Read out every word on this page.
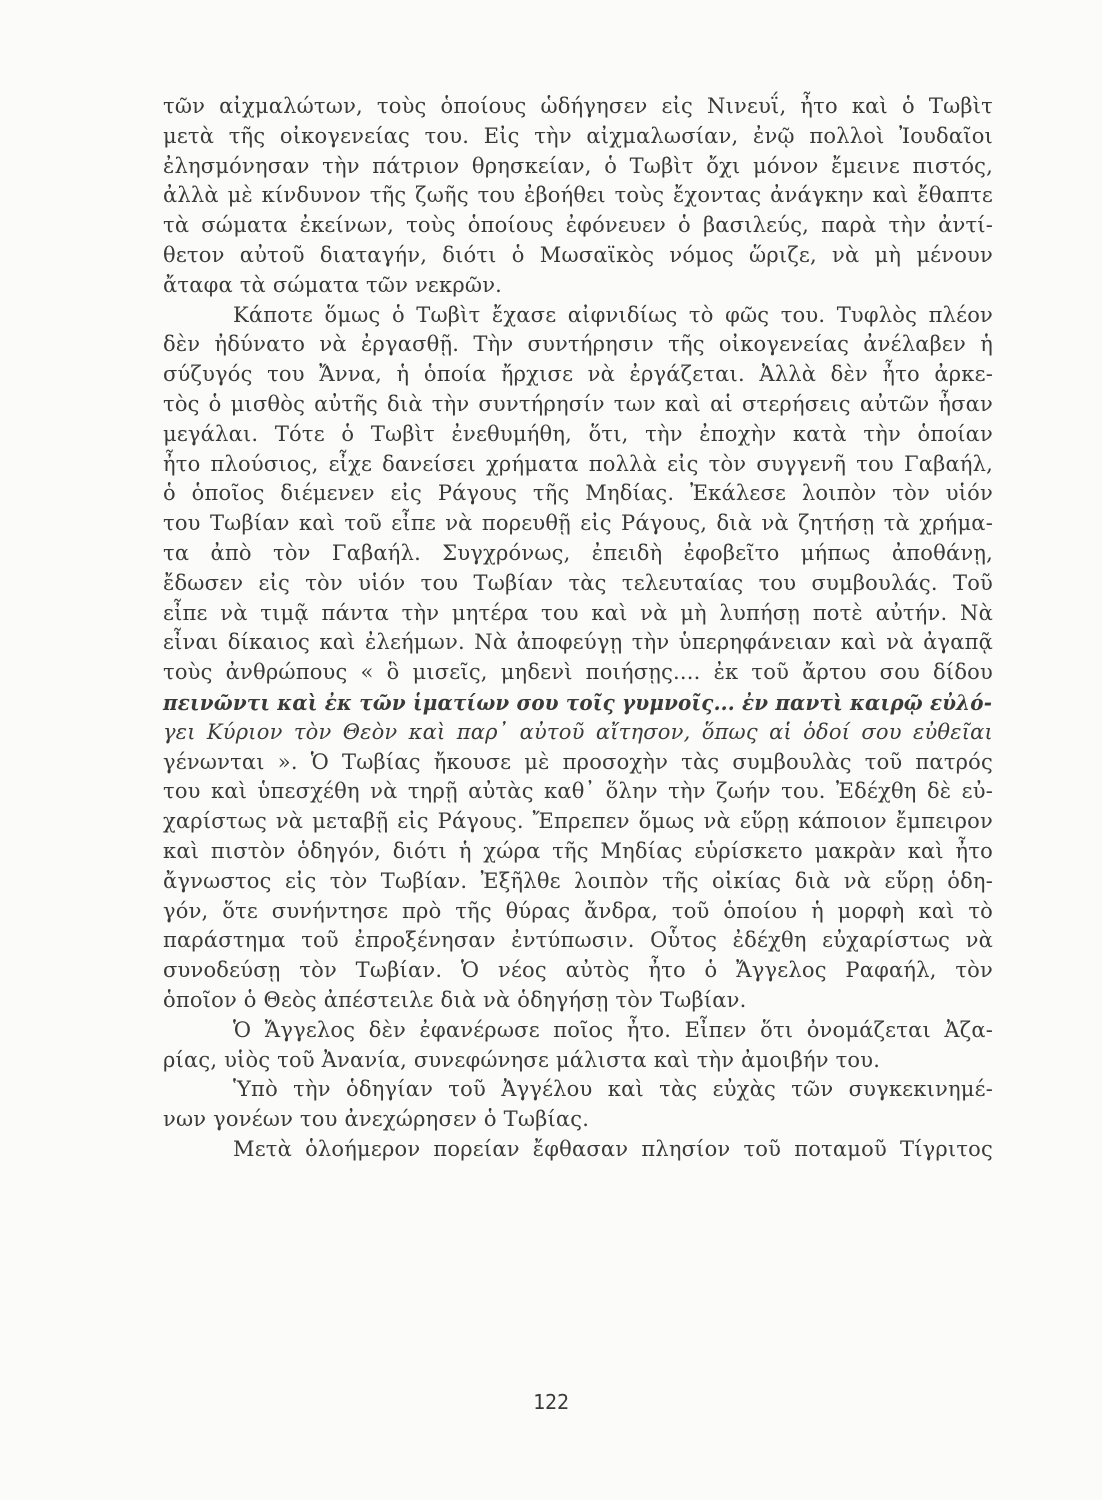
τῶν αἰχμαλώτων, τοὺς ὁποίους ὡδήγησεν εἰς Νινευΐ, ἦτο καὶ ὁ Τωβὶτ
μετὰ τῆς οἰκογενείας του. Εἰς τὴν αἰχμαλωσίαν, ἐνῷ πολλοὶ Ἰουδαῖοι
ἐλησμόνησαν τὴν πάτριον θρησκείαν, ὁ Τωβὶτ ὄχι μόνον ἔμεινε πιστός,
ἀλλὰ μὲ κίνδυνον τῆς ζωῆς του ἐβοήθει τοὺς ἔχοντας ἀνάγκην καὶ ἔθαπτε
τὰ σώματα ἐκείνων, τοὺς ὁποίους ἐφόνευεν ὁ βασιλεύς, παρὰ τὴν ἀντί-
θετον αὐτοῦ διαταγήν, διότι ὁ Μωσαϊκὸς νόμος ὥριζε, νὰ μὴ μένουν
ἄταφα τὰ σώματα τῶν νεκρῶν.
Κάποτε ὅμως ὁ Τωβὶτ ἔχασε αἰφνιδίως τὸ φῶς του. Τυφλὸς πλέον
δὲν ἠδύνατο νὰ ἐργασθῇ. Τὴν συντήρησιν τῆς οἰκογενείας ἀνέλαβεν ἡ
σύζυγός του Ἄννα, ἡ ὁποία ἤρχισε νὰ ἐργάζεται. Ἀλλὰ δὲν ἦτο ἀρκε-
τὸς ὁ μισθὸς αὐτῆς διὰ τὴν συντήρησίν των καὶ αἱ στερήσεις αὐτῶν ἦσαν
μεγάλαι. Τότε ὁ Τωβὶτ ἐνεθυμήθη, ὅτι, τὴν ἐποχὴν κατὰ τὴν ὁποίαν
ἦτο πλούσιος, εἶχε δανείσει χρήματα πολλὰ εἰς τὸν συγγενῆ του Γαβαήλ,
ὁ ὁποῖος διέμενεν εἰς Ράγους τῆς Μηδίας. Ἐκάλεσε λοιπὸν τὸν υἱόν
του Τωβίαν καὶ τοῦ εἶπε νὰ πορευθῇ εἰς Ράγους, διὰ νὰ ζητήσῃ τὰ χρήμα-
τα ἀπὸ τὸν Γαβαήλ. Συγχρόνως, ἐπειδὴ ἐφοβεῖτο μήπως ἀποθάνῃ,
ἔδωσεν εἰς τὸν υἱόν του Τωβίαν τὰς τελευταίας του συμβουλάς. Τοῦ
εἶπε νὰ τιμᾷ πάντα τὴν μητέρα του καὶ νὰ μὴ λυπήσῃ ποτὲ αὐτήν. Νὰ
εἶναι δίκαιος καὶ ἐλεήμων. Νὰ ἀποφεύγῃ τὴν ὑπερηφάνειαν καὶ νὰ ἀγαπᾷ
τοὺς ἀνθρώπους « ὃ μισεῖς, μηδενὶ ποιήσῃς.... ἐκ τοῦ ἄρτου σου δίδου
πεινῶντι καὶ ἐκ τῶν ἱματίων σου τοῖς γυμνοῖς... ἐν παντὶ καιρῷ εὐλό-
γει Κύριον τὸν Θεὸν καὶ παρ᾽ αὐτοῦ αἴτησον, ὅπως αἱ ὁδοί σου εὐθεῖαι
γένωνται ». Ὁ Τωβίας ἤκουσε μὲ προσοχὴν τὰς συμβουλὰς τοῦ πατρός
του καὶ ὑπεσχέθη νὰ τηρῇ αὐτὰς καθ᾽ ὅλην τὴν ζωήν του. Ἐδέχθη δὲ εὐ-
χαρίστως νὰ μεταβῇ εἰς Ράγους. Ἔπρεπεν ὅμως νὰ εὕρῃ κάποιον ἔμπειρον
καὶ πιστὸν ὁδηγόν, διότι ἡ χώρα τῆς Μηδίας εὑρίσκετο μακρὰν καὶ ἦτο
ἄγνωστος εἰς τὸν Τωβίαν. Ἐξῆλθε λοιπὸν τῆς οἰκίας διὰ νὰ εὕρῃ ὁδη-
γόν, ὅτε συνήντησε πρὸ τῆς θύρας ἄνδρα, τοῦ ὁποίου ἡ μορφὴ καὶ τὸ
παράστημα τοῦ ἐπροξένησαν ἐντύπωσιν. Οὗτος ἐδέχθη εὐχαρίστως νὰ
συνοδεύσῃ τὸν Τωβίαν. Ὁ νέος αὐτὸς ἦτο ὁ Ἄγγελος Ραφαήλ, τὸν
ὁποῖον ὁ Θεὸς ἀπέστειλε διὰ νὰ ὁδηγήσῃ τὸν Τωβίαν.
Ὁ Ἄγγελος δὲν ἐφανέρωσε ποῖος ἦτο. Εἶπεν ὅτι ὀνομάζεται Ἀζα-
ρίας, υἱὸς τοῦ Ἀνανία, συνεφώνησε μάλιστα καὶ τὴν ἀμοιβήν του.
Ὑπὸ τὴν ὁδηγίαν τοῦ Ἀγγέλου καὶ τὰς εὐχὰς τῶν συγκεκινημέ-
νων γονέων του ἀνεχώρησεν ὁ Τωβίας.
Μετὰ ὁλοήμερον πορείαν ἔφθασαν πλησίον τοῦ ποταμοῦ Τίγριτος
122
